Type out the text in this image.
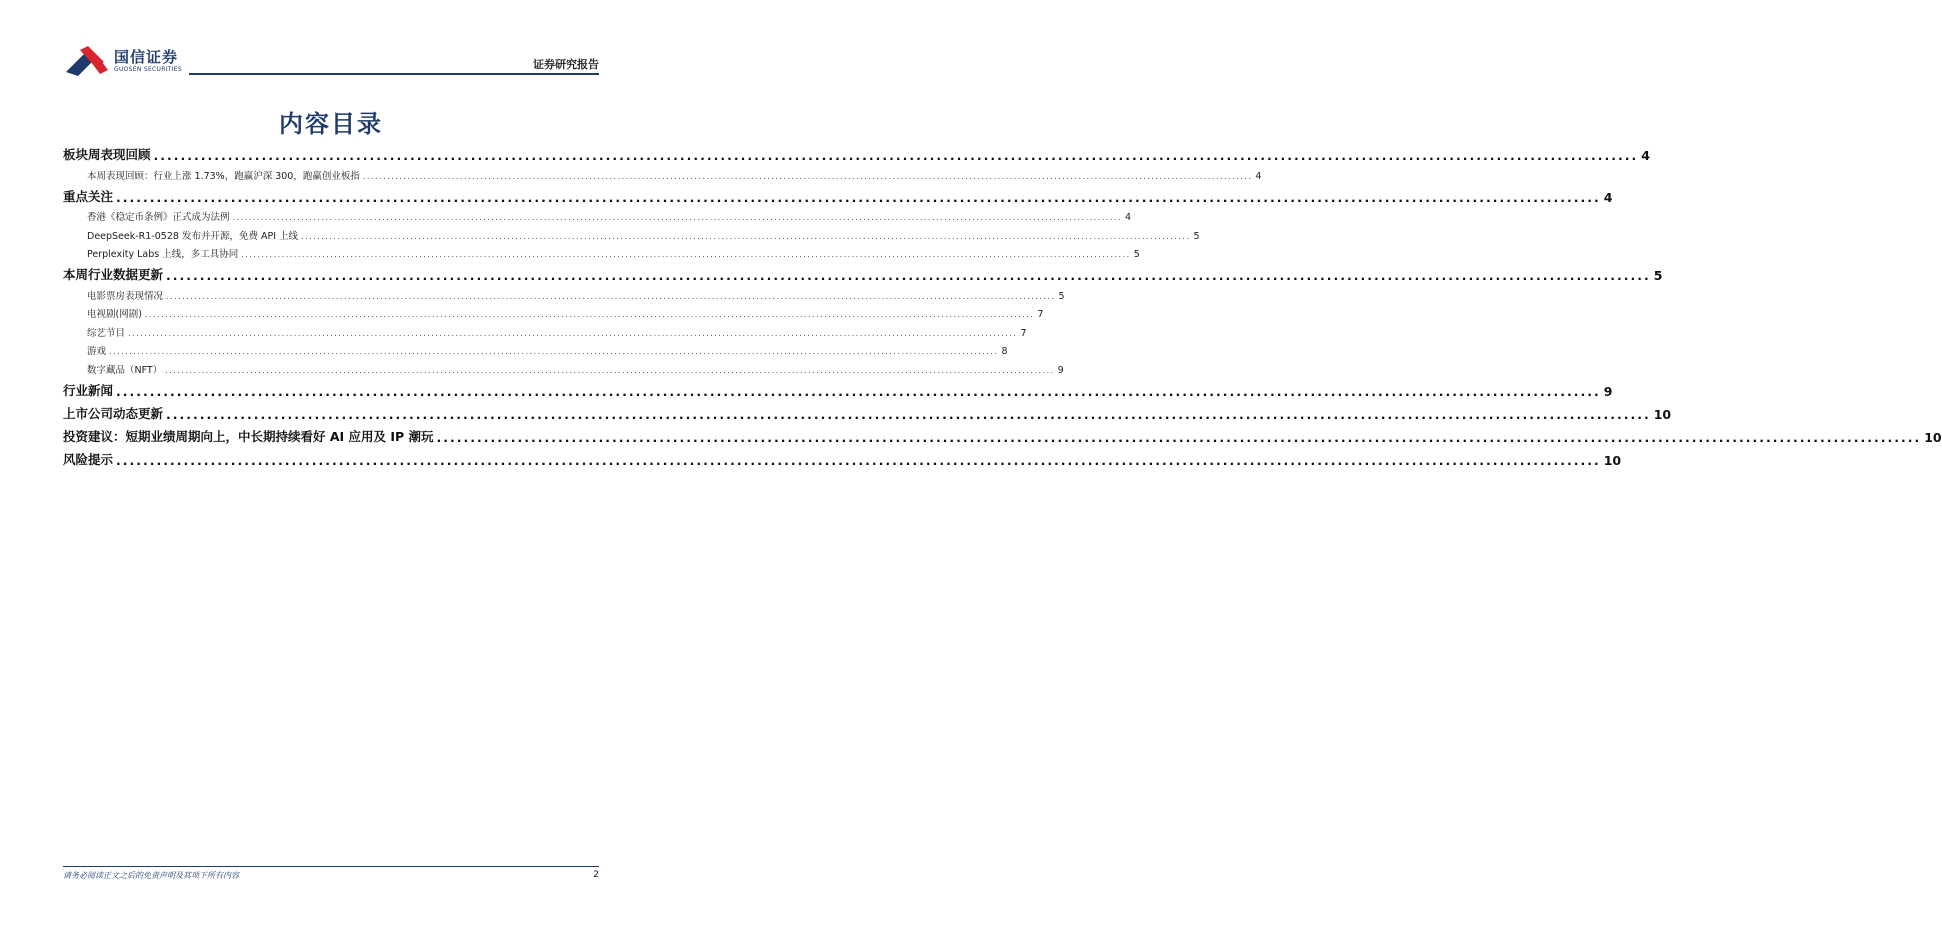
国信证券
GUOSEN SECURITIES	证券研究报告
内容目录
板块周表现回顾 ............................................................................................................................................................................................................................ 4
本周表现回顾：行业上涨 1.73%，跑赢沪深 300，跑赢创业板指 ............................................................................................................................................................................................................................ 4
重点关注 ............................................................................................................................................................................................................................ 4
香港《稳定币条例》正式成为法例 ............................................................................................................................................................................................................................ 4
DeepSeek-R1-0528 发布并开源，免费 API 上线 ............................................................................................................................................................................................................................ 5
Perplexity Labs 上线，多工具协同 ............................................................................................................................................................................................................................ 5
本周行业数据更新 ............................................................................................................................................................................................................................ 5
电影票房表现情况 ............................................................................................................................................................................................................................ 5
电视剧(网剧) ............................................................................................................................................................................................................................ 7
综艺节目 ............................................................................................................................................................................................................................ 7
游戏 ............................................................................................................................................................................................................................ 8
数字藏品（NFT） ............................................................................................................................................................................................................................ 9
行业新闻 ............................................................................................................................................................................................................................ 9
上市公司动态更新 ............................................................................................................................................................................................................................ 10
投资建议：短期业绩周期向上，中长期持续看好 AI 应用及 IP 潮玩 ............................................................................................................................................................................................................................ 10
风险提示 ............................................................................................................................................................................................................................ 10
请务必阅读正文之后的免责声明及其项下所有内容	2
